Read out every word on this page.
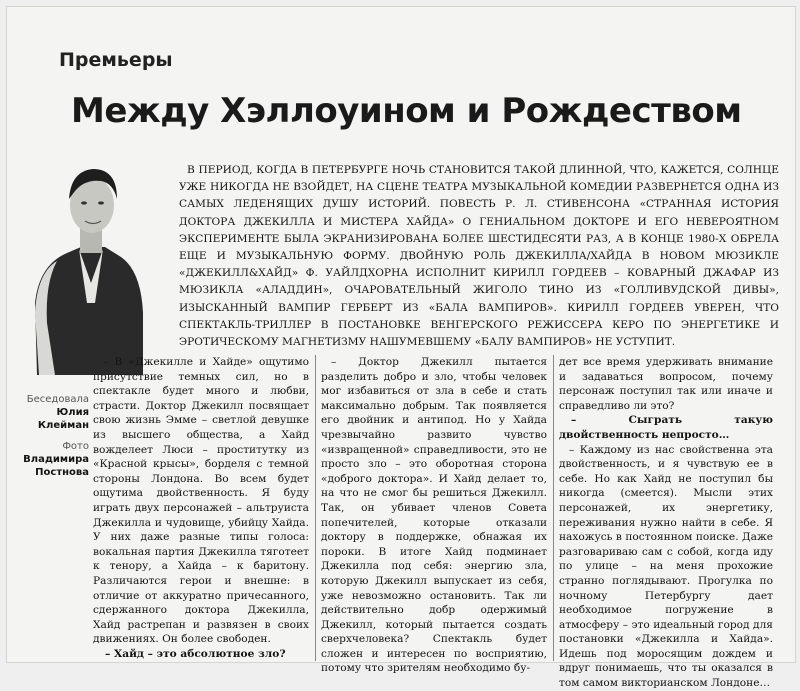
Премьеры
Между Хэллоуином и Рождеством

В ПЕРИОД, КОГДА В ПЕТЕРБУРГЕ НОЧЬ СТАНОВИТСЯ ТАКОЙ ДЛИННОЙ, ЧТО, КАЖЕТСЯ, СОЛНЦЕ УЖЕ НИКОГДА НЕ ВЗОЙДЕТ, НА СЦЕНЕ ТЕАТРА МУЗЫКАЛЬНОЙ КОМЕДИИ РАЗВЕРНЕТСЯ ОДНА ИЗ САМЫХ ЛЕДЕНЯЩИХ ДУШУ ИСТОРИЙ. ПОВЕСТЬ Р. Л. СТИВЕНСОНА «СТРАННАЯ ИСТОРИЯ ДОКТОРА ДЖЕКИЛЛА И МИСТЕРА ХАЙДА» О ГЕНИАЛЬНОМ ДОКТОРЕ И ЕГО НЕВЕРОЯТНОМ ЭКСПЕРИМЕНТЕ БЫЛА ЭКРАНИЗИРОВАНА БОЛЕЕ ШЕСТИДЕСЯТИ РАЗ, А В КОНЦЕ 1980-Х ОБРЕЛА ЕЩЕ И МУЗЫКАЛЬНУЮ ФОРМУ. ДВОЙНУЮ РОЛЬ ДЖЕКИЛЛА/ХАЙДА В НОВОМ МЮЗИКЛЕ «ДЖЕКИЛЛ&ХАЙД» Ф. УАЙЛДХОРНА ИСПОЛНИТ КИРИЛЛ ГОРДЕЕВ – КОВАРНЫЙ ДЖАФАР ИЗ МЮЗИКЛА «АЛАДДИН», ОЧАРОВАТЕЛЬНЫЙ ЖИГОЛО ТИНО ИЗ «ГОЛЛИВУДСКОЙ ДИВЫ», ИЗЫСКАННЫЙ ВАМПИР ГЕРБЕРТ ИЗ «БАЛА ВАМПИРОВ». КИРИЛЛ ГОРДЕЕВ УВЕРЕН, ЧТО СПЕКТАКЛЬ-ТРИЛЛЕР В ПОСТАНОВКЕ ВЕНГЕРСКОГО РЕЖИССЕРА КЕРО ПО ЭНЕРГЕТИКЕ И ЭРОТИЧЕСКОМУ МАГНЕТИЗМУ НАШУМЕВШЕМУ «БАЛУ ВАМПИРОВ» НЕ УСТУПИТ.

Беседовала
Юлия Клейман
Фото
Владимира Постнова

– В «Джекилле и Хайде» ощутимо присутствие темных сил, но в спектакле будет много и любви, страсти. Доктор Джекилл посвящает свою жизнь Эмме – светлой девушке из высшего общества, а Хайд вожделеет Люси – проститутку из «Красной крысы», борделя с темной стороны Лондона. Во всем будет ощутима двойственность. Я буду играть двух персонажей – альтруиста Джекилла и чудовище, убийцу Хайда. У них даже разные типы голоса: вокальная партия Джекилла тяготеет к тенору, а Хайда – к баритону. Различаются герои и внешне: в отличие от аккуратно причесанного, сдержанного доктора Джекилла, Хайд растрепан и развязен в своих движениях. Он более свободен.

– Хайд – это абсолютное зло?

– Доктор Джекилл пытается разделить добро и зло, чтобы человек мог избавиться от зла в себе и стать максимально добрым. Так появляется его двойник и антипод. Но у Хайда чрезвычайно развито чувство «извращенной» справедливости, это не просто зло – это оборотная сторона «доброго доктора». И Хайд делает то, на что не смог бы решиться Джекилл. Так, он убивает членов Совета попечителей, которые отказали доктору в поддержке, обнажая их пороки. В итоге Хайд подминает Джекилла под себя: энергию зла, которую Джекилл выпускает из себя, уже невозможно остановить. Так ли действительно добр одержимый Джекилл, который пытается создать сверхчеловека? Спектакль будет сложен и интересен по восприятию, потому что зрителям необходимо бу-

дет все время удерживать внимание и задаваться вопросом, почему персонаж поступил так или иначе и справедливо ли это?

– Сыграть такую двойственность непросто…

– Каждому из нас свойственна эта двойственность, и я чувствую ее в себе. Но как Хайд не поступил бы никогда (смеется). Мысли этих персонажей, их энергетику, переживания нужно найти в себе. Я нахожусь в постоянном поиске. Даже разговариваю сам с собой, когда иду по улице – на меня прохожие странно поглядывают. Прогулка по ночному Петербургу дает необходимое погружение в атмосферу – это идеальный город для постановки «Джекилла и Хайда». Идешь под моросящим дождем и вдруг понимаешь, что ты оказался в том самом викторианском Лондоне…
